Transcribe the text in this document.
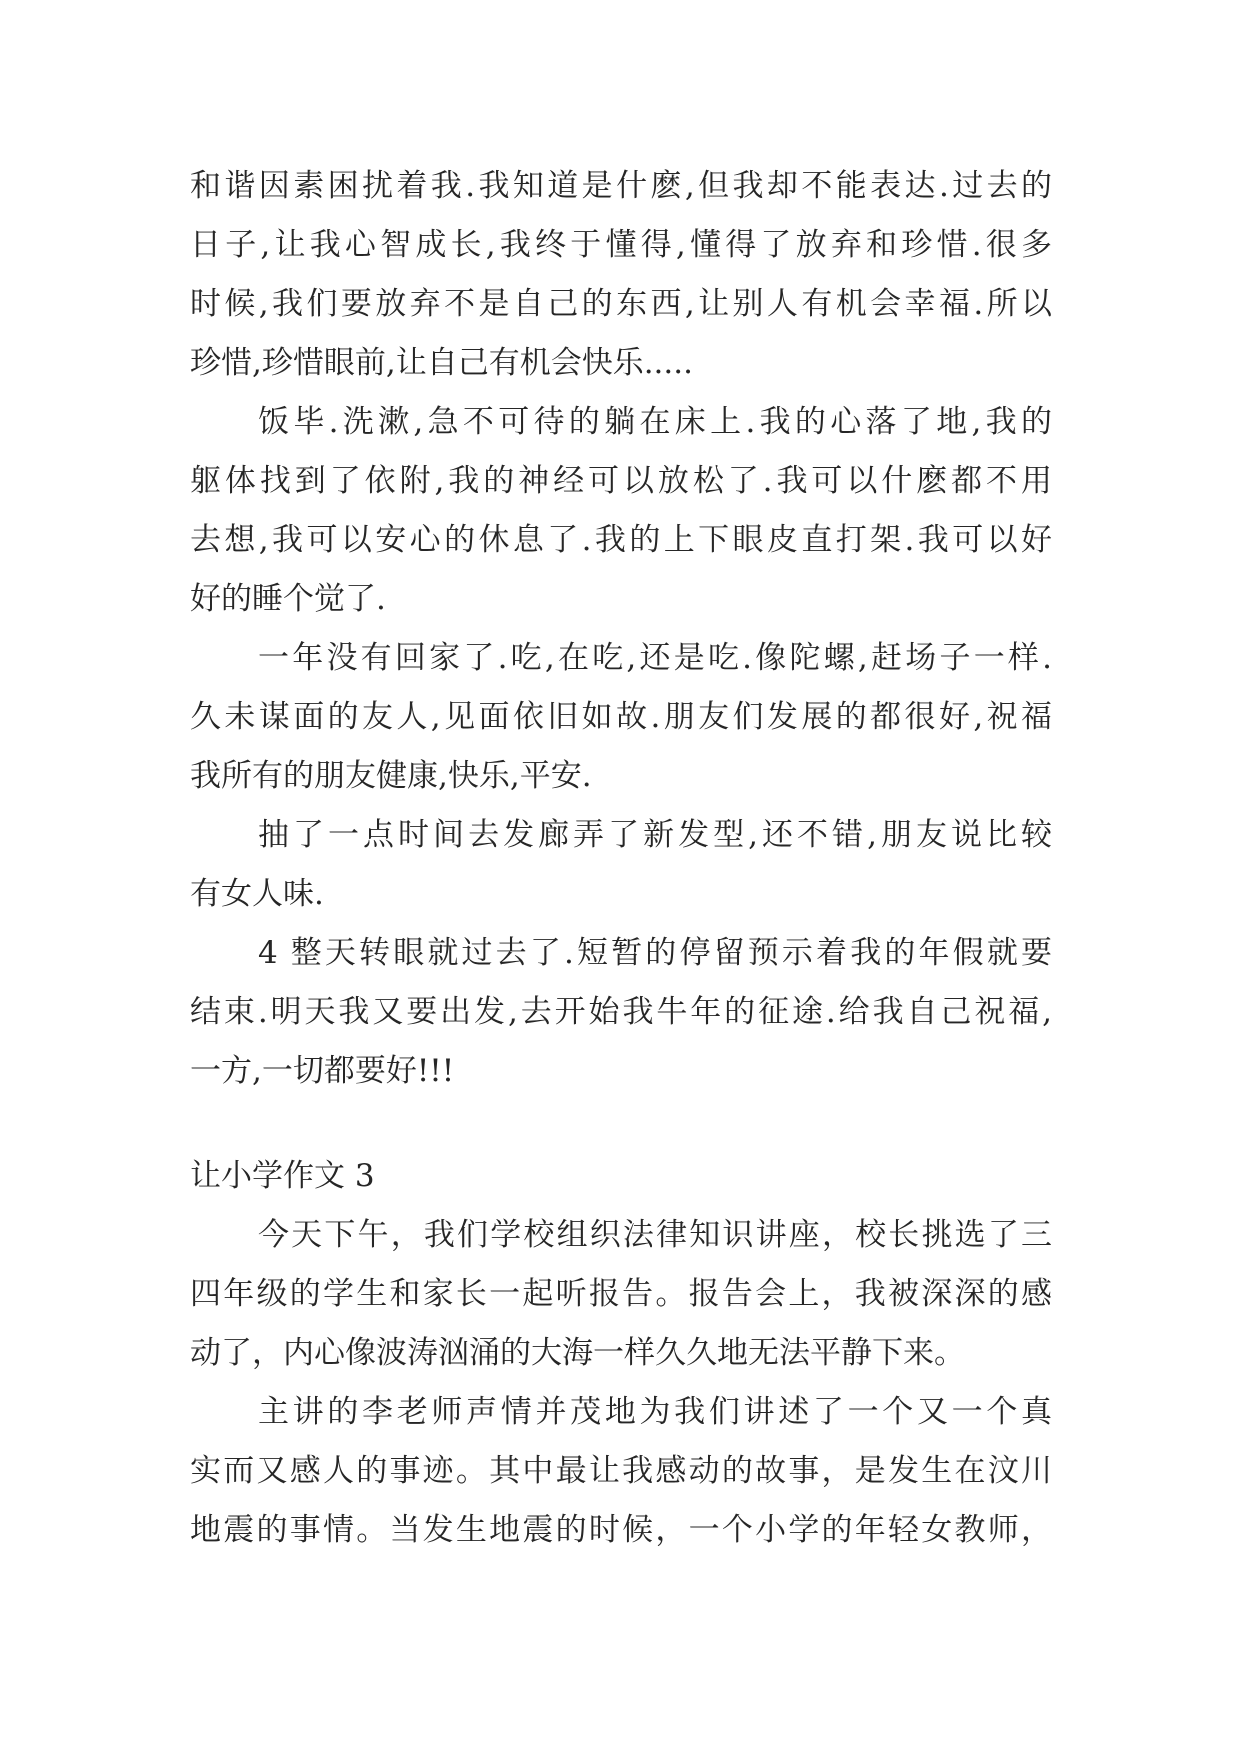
和谐因素困扰着我.我知道是什麽,但我却不能表达.过去的
日子,让我心智成长,我终于懂得,懂得了放弃和珍惜.很多
时候,我们要放弃不是自己的东西,让别人有机会幸福.所以
珍惜,珍惜眼前,让自己有机会快乐.....
饭毕.洗漱,急不可待的躺在床上.我的心落了地,我的
躯体找到了依附,我的神经可以放松了.我可以什麽都不用
去想,我可以安心的休息了.我的上下眼皮直打架.我可以好
好的睡个觉了.
一年没有回家了.吃,在吃,还是吃.像陀螺,赶场子一样.
久未谋面的友人,见面依旧如故.朋友们发展的都很好,祝福
我所有的朋友健康,快乐,平安.
抽了一点时间去发廊弄了新发型,还不错,朋友说比较
有女人味.
4 整天转眼就过去了.短暂的停留预示着我的年假就要
结束.明天我又要出发,去开始我牛年的征途.给我自己祝福,
一方,一切都要好!!!
让小学作文 3
今天下午，我们学校组织法律知识讲座，校长挑选了三
四年级的学生和家长一起听报告。报告会上，我被深深的感
动了，内心像波涛汹涌的大海一样久久地无法平静下来。
主讲的李老师声情并茂地为我们讲述了一个又一个真
实而又感人的事迹。其中最让我感动的故事，是发生在汶川
地震的事情。当发生地震的时候，一个小学的年轻女教师，
